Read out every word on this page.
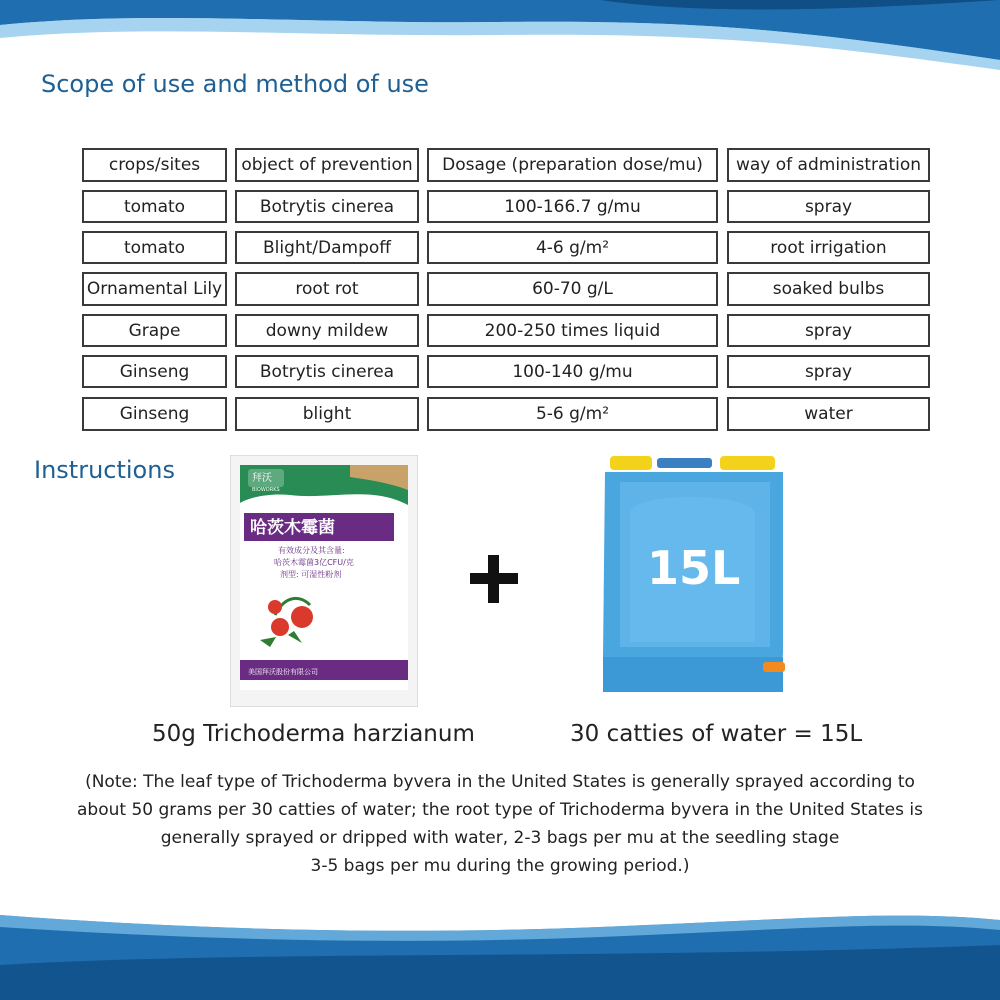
Scope of use and method of use
crops/sites	object of prevention	Dosage (preparation dose/mu)	way of administration
tomato	Botrytis cinerea	100-166.7 g/mu	spray
tomato	Blight/Dampoff	4-6 g/m²	root irrigation
Ornamental Lily	root rot	60-70 g/L	soaked bulbs
Grape	downy mildew	200-250 times liquid	spray
Ginseng	Botrytis cinerea	100-140 g/mu	spray
Ginseng	blight	5-6 g/m²	water
Instructions	拜沃
BIOWORKS
固锐
哈茨木霉菌
有效成分及其含量:
哈茨木霉菌3亿CFU/克
剂型: 可湿性粉剂
美国拜沃股份有限公司
15L
50g Trichoderma harzianum	30 catties of water = 15L
(Note: The leaf type of Trichoderma byvera in the United States is generally sprayed according to
about 50 grams per 30 catties of water; the root type of Trichoderma byvera in the United States is
generally sprayed or dripped with water, 2-3 bags per mu at the seedling stage
3-5 bags per mu during the growing period.)
